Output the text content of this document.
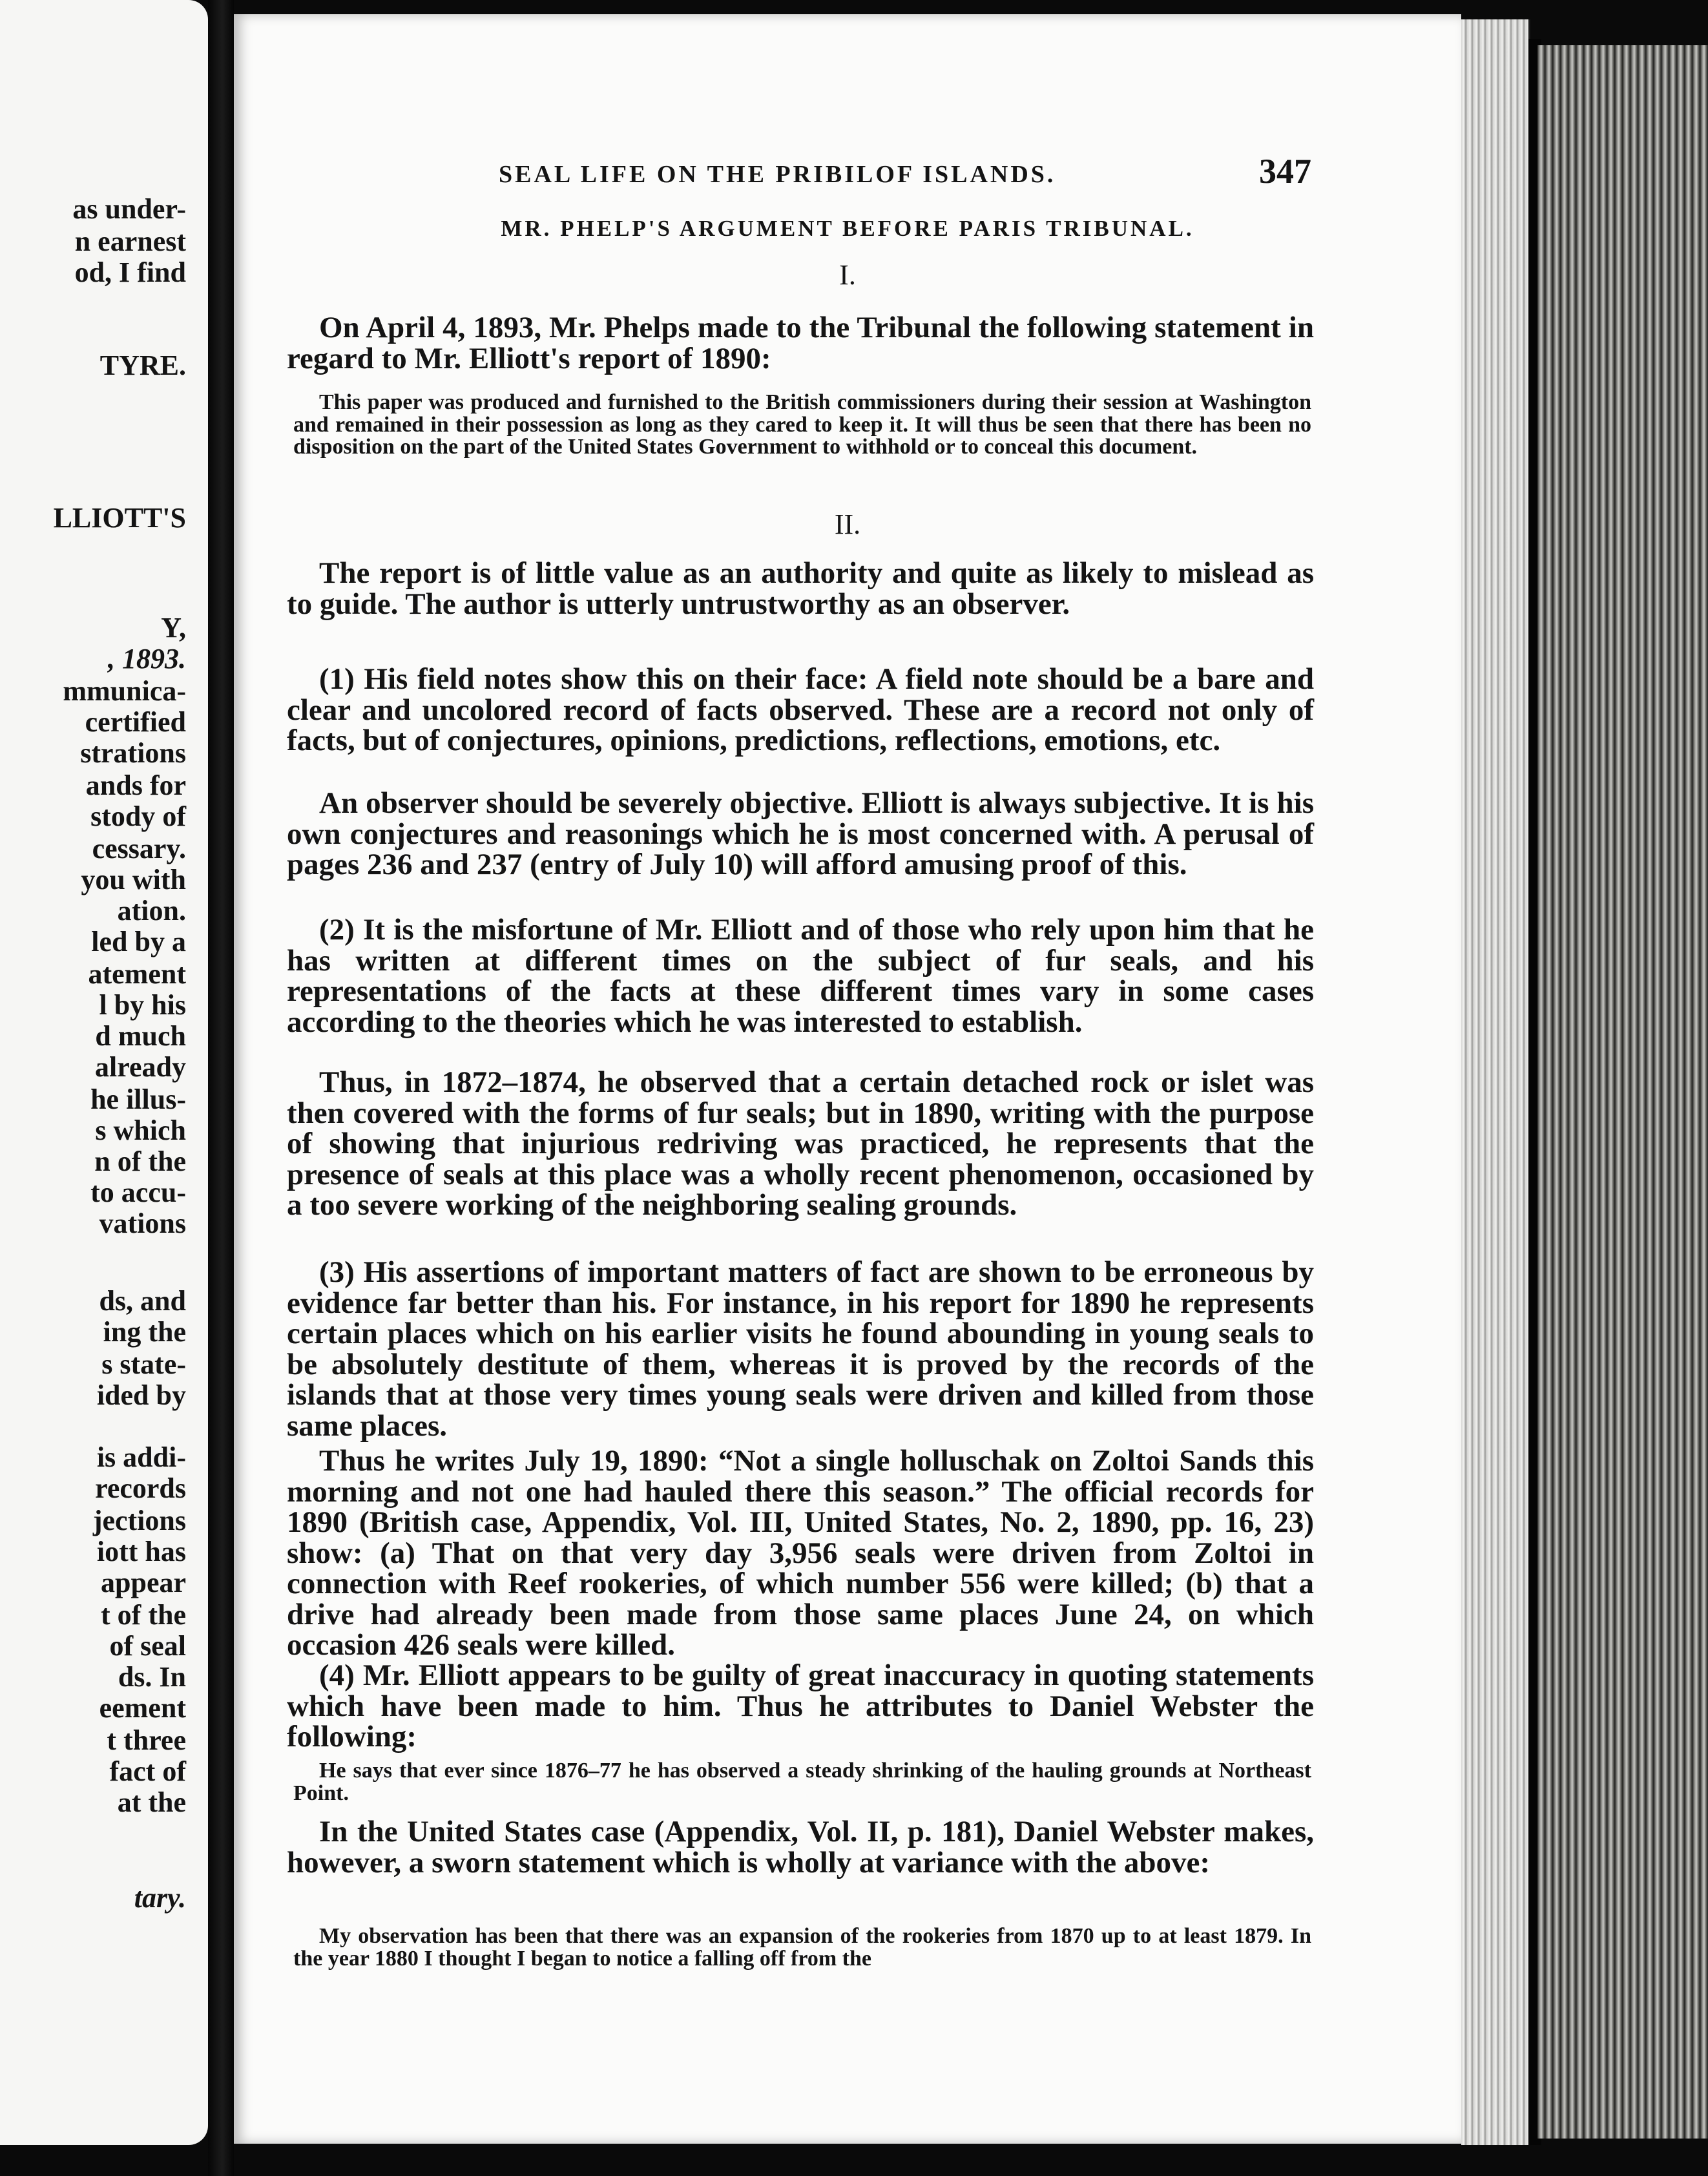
as under-
n earnest
od, I find
TYRE.
LLIOTT'S
Y,
, 1893.
mmunica-
certified
strations
ands for
stody of
cessary.
you with
ation.
led by a
atement
l by his
d much
already
he illus-
s which
n of the
to accu-
vations
ds, and
ing the
s state-
ided by
is addi-
records
jections
iott has
appear
t of the
of seal
ds. In
eement
t three
fact of
at the
tary.
SEAL LIFE ON THE PRIBILOF ISLANDS.	347
MR. PHELP'S ARGUMENT BEFORE PARIS TRIBUNAL.
I.
On April 4, 1893, Mr. Phelps made to the Tribunal the following statement in regard to Mr. Elliott's report of 1890:
This paper was produced and furnished to the British commissioners during their session at Washington and remained in their possession as long as they cared to keep it. It will thus be seen that there has been no disposition on the part of the United States Government to withhold or to conceal this document.
II.
The report is of little value as an authority and quite as likely to mislead as to guide. The author is utterly untrustworthy as an observer.
(1) His field notes show this on their face: A field note should be a bare and clear and uncolored record of facts observed. These are a record not only of facts, but of conjectures, opinions, predictions, reflections, emotions, etc.
An observer should be severely objective. Elliott is always subjective. It is his own conjectures and reasonings which he is most concerned with. A perusal of pages 236 and 237 (entry of July 10) will afford amusing proof of this.
(2) It is the misfortune of Mr. Elliott and of those who rely upon him that he has written at different times on the subject of fur seals, and his representations of the facts at these different times vary in some cases according to the theories which he was interested to establish.
Thus, in 1872–1874, he observed that a certain detached rock or islet was then covered with the forms of fur seals; but in 1890, writing with the purpose of showing that injurious redriving was practiced, he represents that the presence of seals at this place was a wholly recent phenomenon, occasioned by a too severe working of the neighboring sealing grounds.
(3) His assertions of important matters of fact are shown to be erroneous by evidence far better than his. For instance, in his report for 1890 he represents certain places which on his earlier visits he found abounding in young seals to be absolutely destitute of them, whereas it is proved by the records of the islands that at those very times young seals were driven and killed from those same places.
Thus he writes July 19, 1890: “Not a single holluschak on Zoltoi Sands this morning and not one had hauled there this season.” The official records for 1890 (British case, Appendix, Vol. III, United States, No. 2, 1890, pp. 16, 23) show: (a) That on that very day 3,956 seals were driven from Zoltoi in connection with Reef rookeries, of which number 556 were killed; (b) that a drive had already been made from those same places June 24, on which occasion 426 seals were killed.
(4) Mr. Elliott appears to be guilty of great inaccuracy in quoting statements which have been made to him. Thus he attributes to Daniel Webster the following:
He says that ever since 1876–77 he has observed a steady shrinking of the hauling grounds at Northeast Point.
In the United States case (Appendix, Vol. II, p. 181), Daniel Webster makes, however, a sworn statement which is wholly at variance with the above:
My observation has been that there was an expansion of the rookeries from 1870 up to at least 1879. In the year 1880 I thought I began to notice a falling off from the
